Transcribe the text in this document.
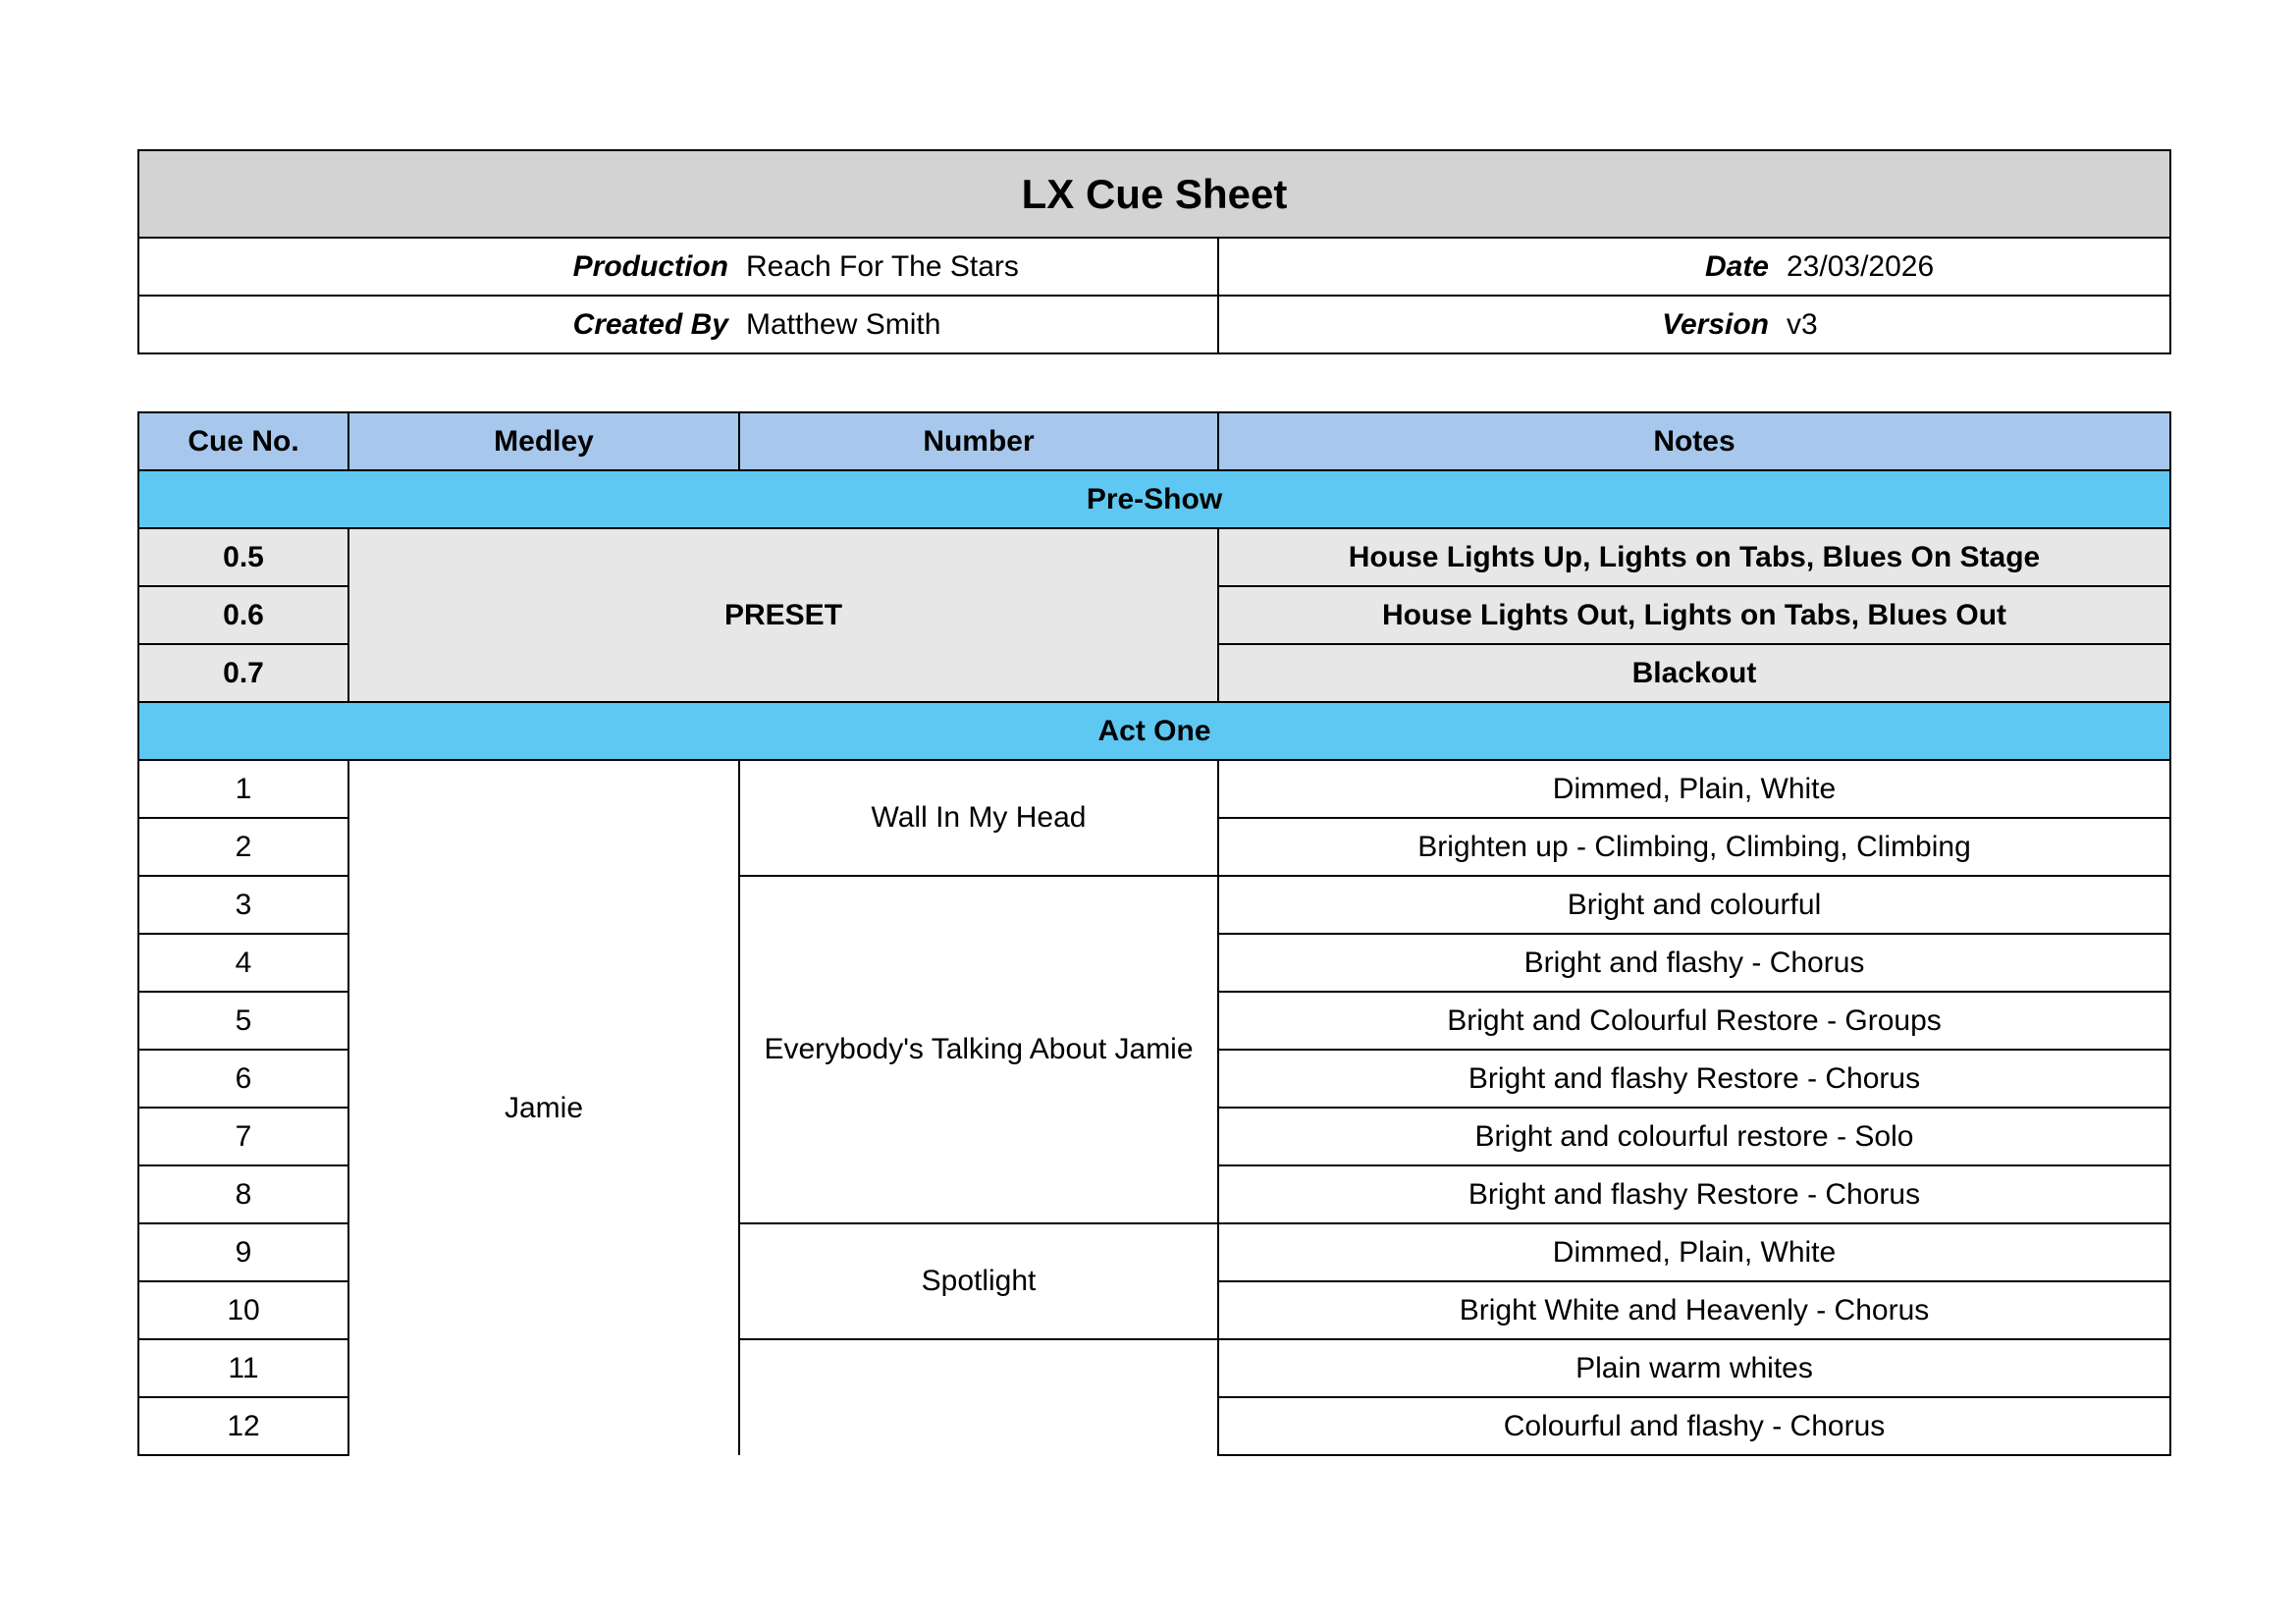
LX Cue Sheet	
Production Reach For The Stars	Date 23/03/2026
Created By Matthew Smith	Version v3
Cue No.	Medley	Number	Notes
Pre-Show			
0.5	PRESET		House Lights Up, Lights on Tabs, Blues On Stage
0.6			House Lights Out, Lights on Tabs, Blues Out
0.7			Blackout
Act One			
1	Jamie	Wall In My Head	Dimmed, Plain, White
2			Brighten up - Climbing, Climbing, Climbing
3		Everybody's Talking About Jamie	Bright and colourful
4			Bright and flashy - Chorus
5			Bright and Colourful Restore - Groups
6			Bright and flashy Restore - Chorus
7			Bright and colourful restore - Solo
8			Bright and flashy Restore - Chorus
9		Spotlight	Dimmed, Plain, White
10			Bright White and Heavenly - Chorus
11			Plain warm whites
12			Colourful and flashy - Chorus
